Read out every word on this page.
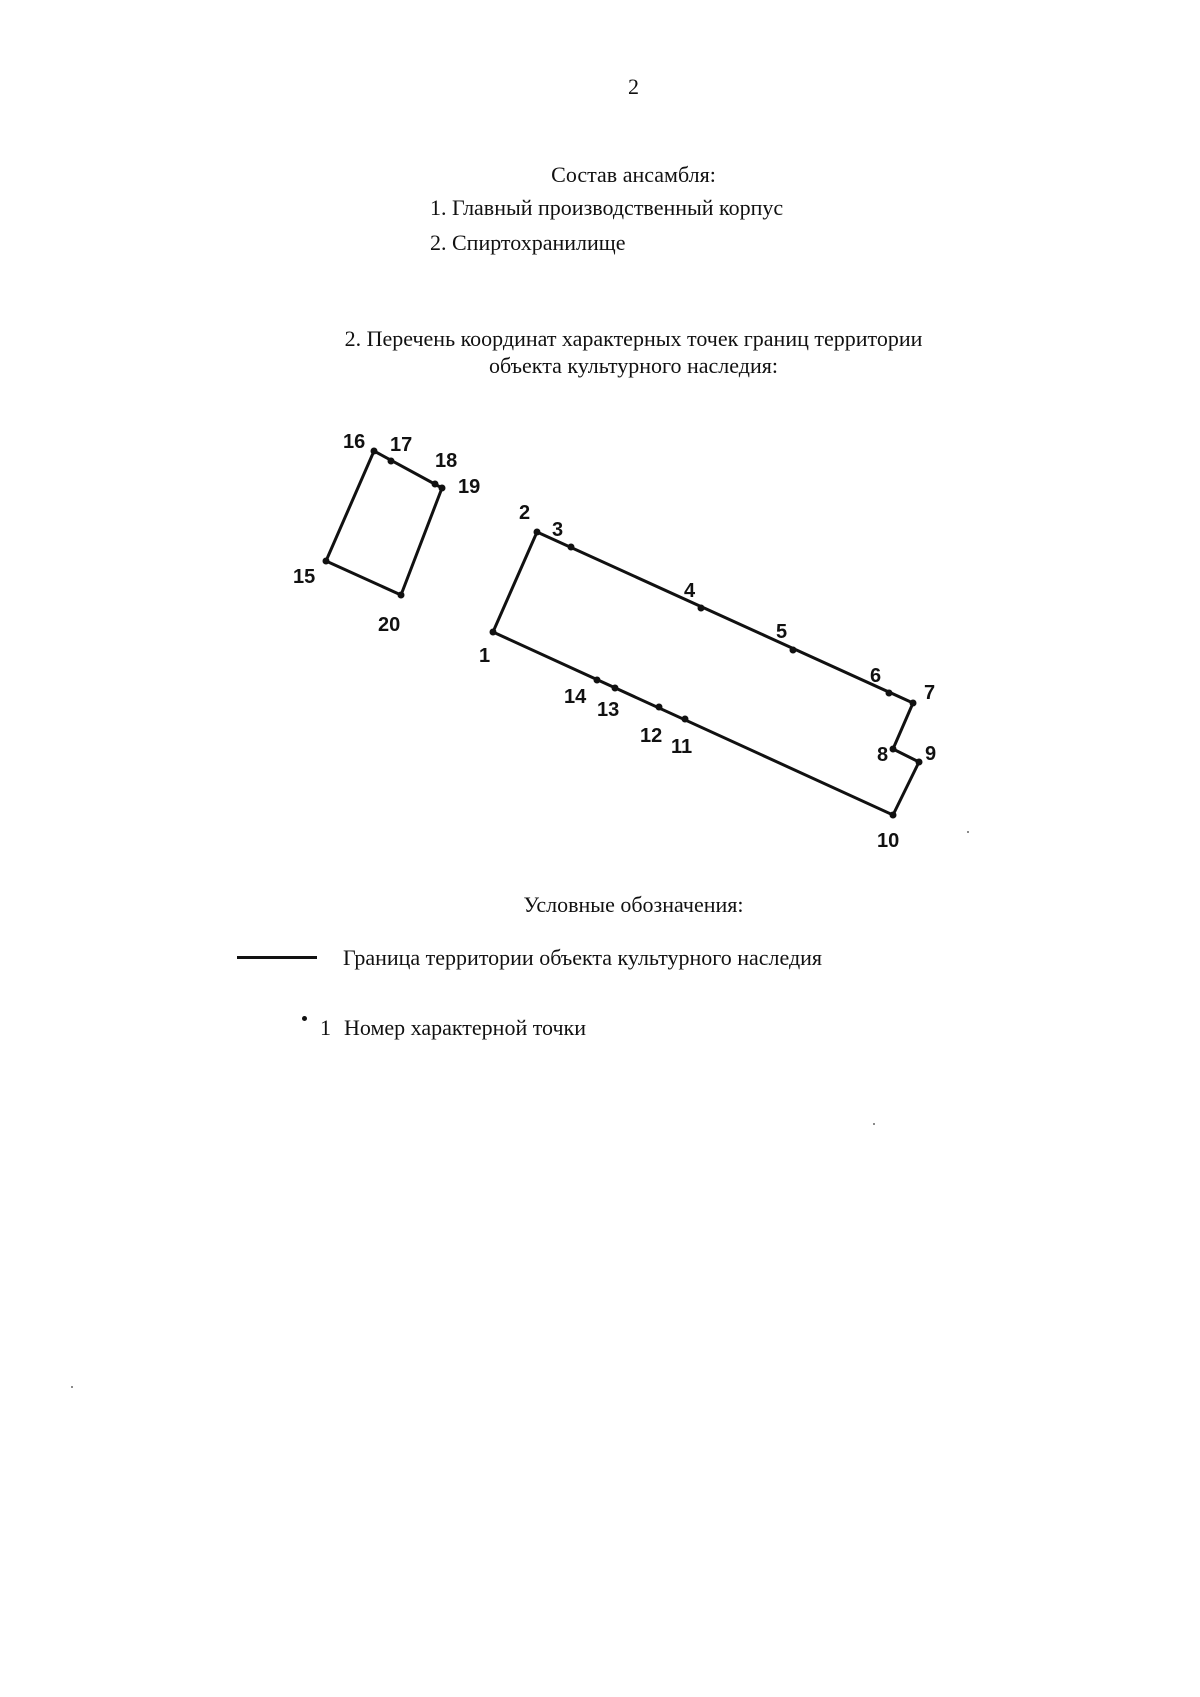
2
Состав ансамбля:
1. Главный производственный корпус
2. Спиртохранилище
2. Перечень координат характерных точек границ территории
объекта культурного наследия:
1
2
3
4
5
6
7
8 9
10
11
12
13
14
15
16 17
18
19
20
Условные обозначения:
Граница территории объекта культурного наследия
1 Номер характерной точки
